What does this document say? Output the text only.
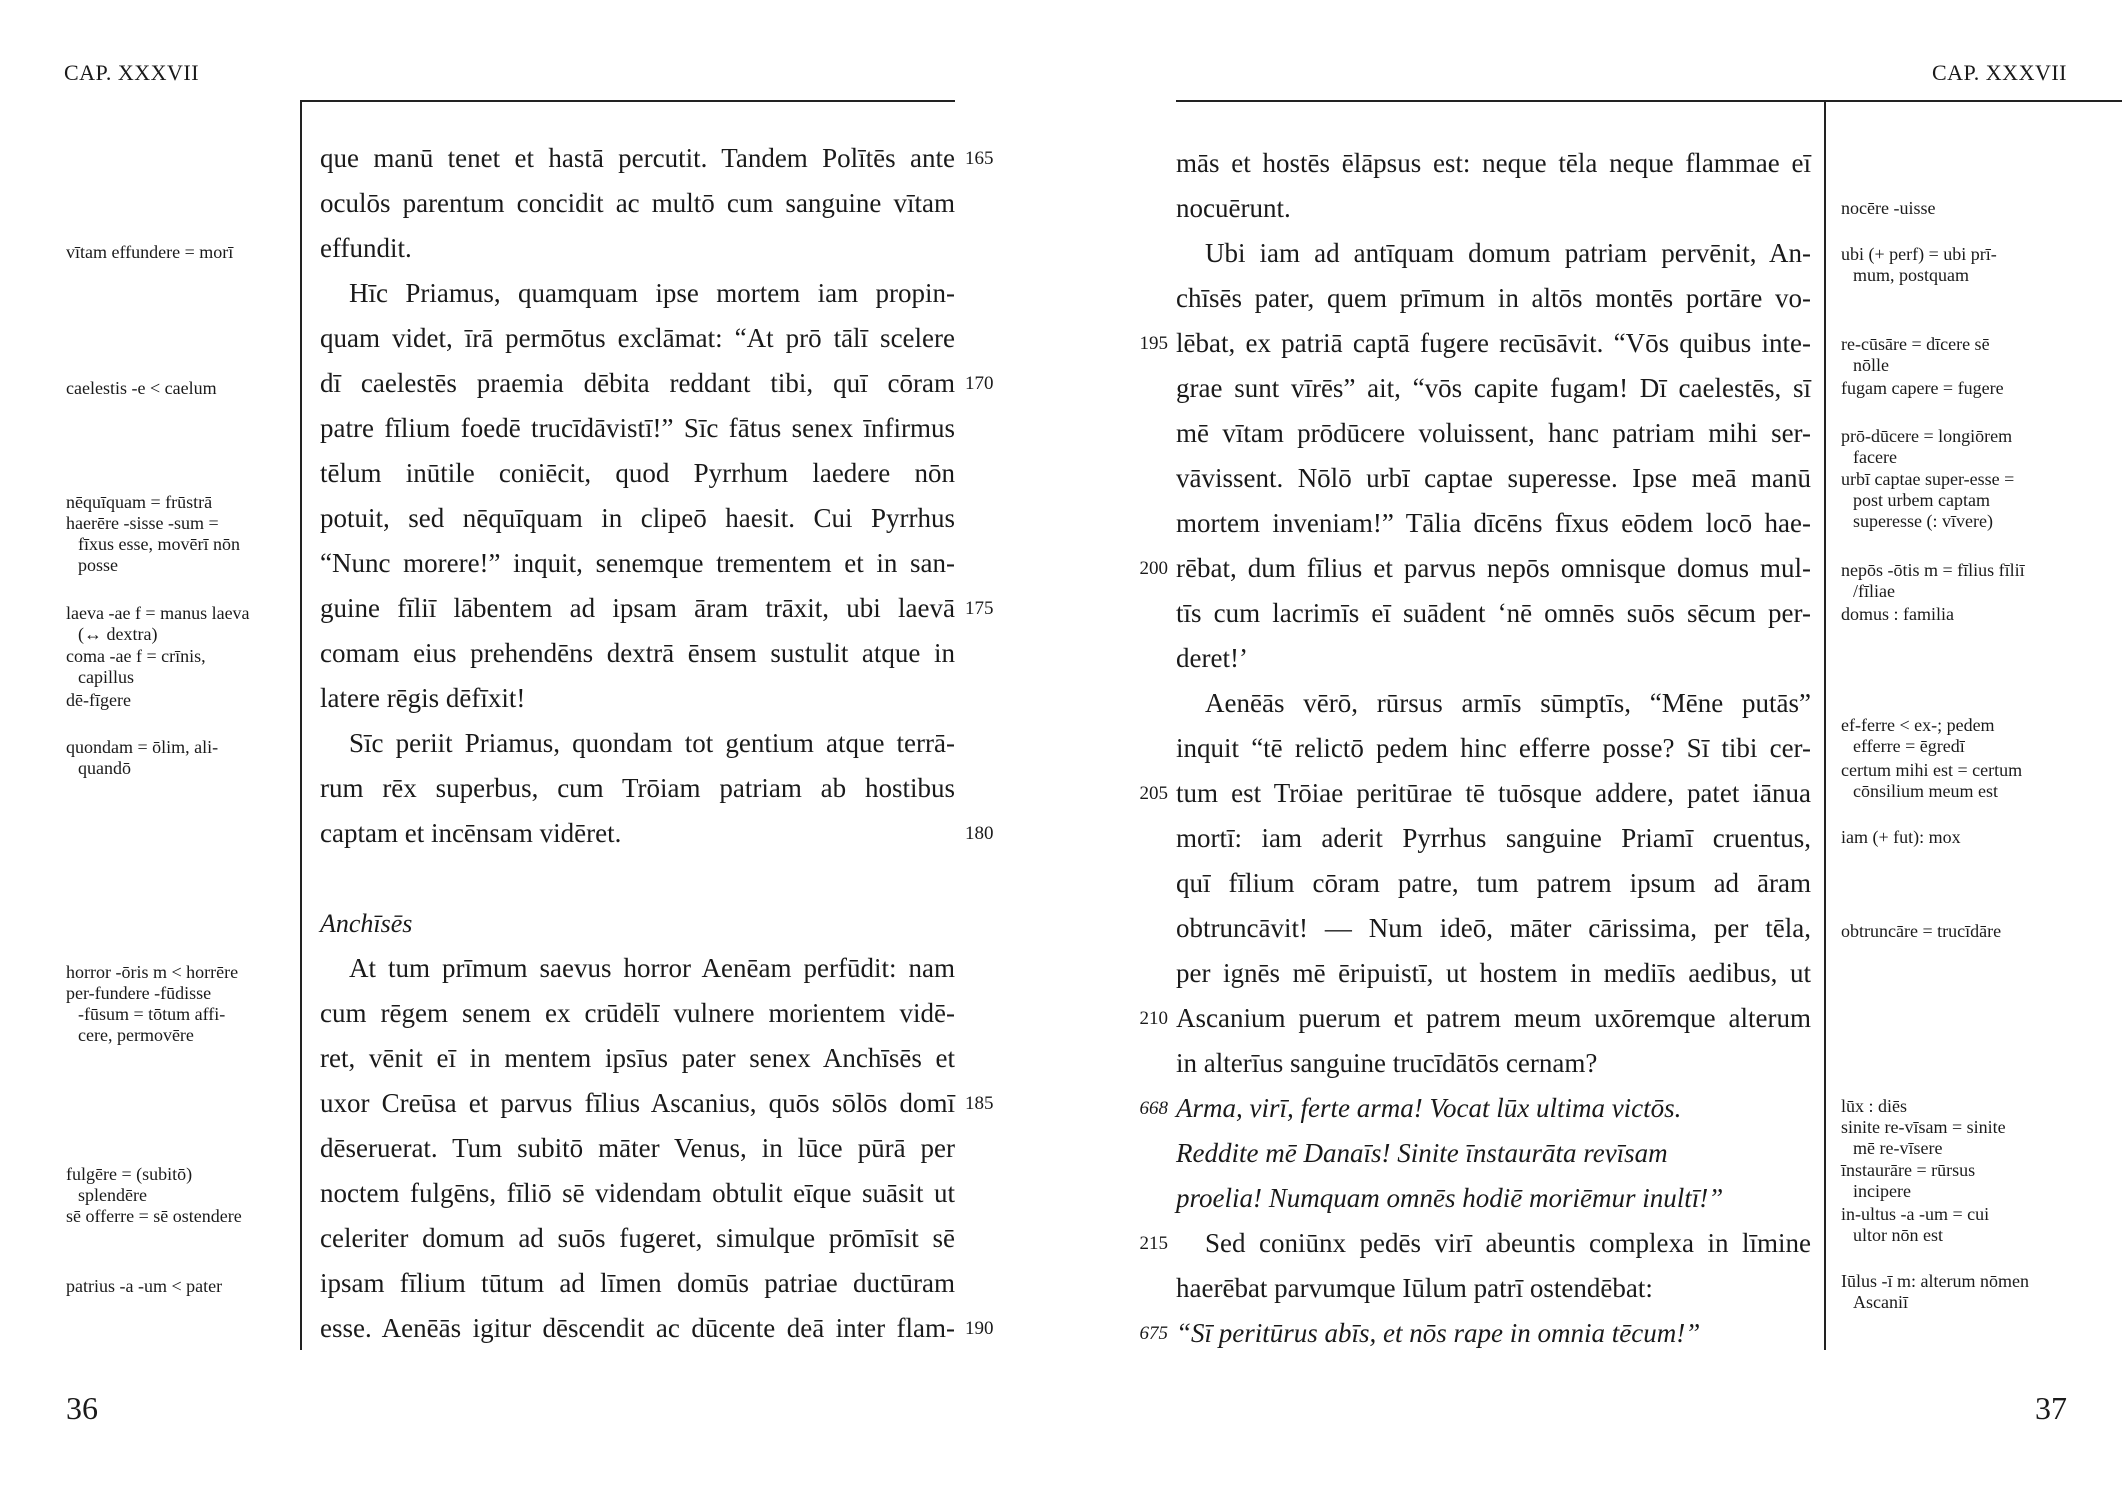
CAP. XXXVII
vītam effundere = morī
caelestis -e < caelum
nēquīquam = frūstrā
haerēre -sisse -sum =
fīxus esse, movērī nōn
posse
laeva -ae f = manus laeva
(↔ dextra)
coma -ae f = crīnis,
capillus
dē-fīgere
quondam = ōlim, ali-
quandō
horror -ōris m < horrēre
per-fundere -fūdisse
-fūsum = tōtum affi-
cere, permovēre
fulgēre = (subitō)
splendēre
sē offerre = sē ostendere
patrius -a -um < pater
que manū tenet et hastā percutit. Tandem Polītēs ante
oculōs parentum concidit ac multō cum sanguine vītam
effundit.
Hīc Priamus, quamquam ipse mortem iam propin-
quam videt, īrā permōtus exclāmat: “At prō tālī scelere
dī caelestēs praemia dēbita reddant tibi, quī cōram
patre fīlium foedē trucīdāvistī!” Sīc fātus senex īnfirmus
tēlum inūtile coniēcit, quod Pyrrhum laedere nōn
potuit, sed nēquīquam in clipeō haesit. Cui Pyrrhus
“Nunc morere!” inquit, senemque trementem et in san-
guine fīliī lābentem ad ipsam āram trāxit, ubi laevā
comam eius prehendēns dextrā ēnsem sustulit atque in
latere rēgis dēfīxit!
Sīc periit Priamus, quondam tot gentium atque terrā-
rum rēx superbus, cum Trōiam patriam ab hostibus
captam et incēnsam vidēret.
Anchīsēs
At tum prīmum saevus horror Aenēam perfūdit: nam
cum rēgem senem ex crūdēlī vulnere morientem vidē-
ret, vēnit eī in mentem ipsīus pater senex Anchīsēs et
uxor Creūsa et parvus fīlius Ascanius, quōs sōlōs domī
dēseruerat. Tum subitō māter Venus, in lūce pūrā per
noctem fulgēns, fīliō sē videndam obtulit eīque suāsit ut
celeriter domum ad suōs fugeret, simulque prōmīsit sē
ipsam fīlium tūtum ad līmen domūs patriae ductūram
esse. Aenēās igitur dēscendit ac dūcente deā inter flam-
165
170
175
180
185
190
36
CAP. XXXVII
mās et hostēs ēlāpsus est: neque tēla neque flammae eī
nocuērunt.
Ubi iam ad antīquam domum patriam pervēnit, An-
chīsēs pater, quem prīmum in altōs montēs portāre vo-
lēbat, ex patriā captā fugere recūsāvit. “Vōs quibus inte-
grae sunt vīrēs” ait, “vōs capite fugam! Dī caelestēs, sī
mē vītam prōdūcere voluissent, hanc patriam mihi ser-
vāvissent. Nōlō urbī captae superesse. Ipse meā manū
mortem inveniam!” Tālia dīcēns fīxus eōdem locō hae-
rēbat, dum fīlius et parvus nepōs omnisque domus mul-
tīs cum lacrimīs eī suādent ‘nē omnēs suōs sēcum per-
deret!’
Aenēās vērō, rūrsus armīs sūmptīs, “Mēne putās”
inquit “tē relictō pedem hinc efferre posse? Sī tibi cer-
tum est Trōiae peritūrae tē tuōsque addere, patet iānua
mortī: iam aderit Pyrrhus sanguine Priamī cruentus,
quī fīlium cōram patre, tum patrem ipsum ad āram
obtruncāvit! — Num ideō, māter cārissima, per tēla,
per ignēs mē ēripuistī, ut hostem in mediīs aedibus, ut
Ascanium puerum et patrem meum uxōremque alterum
in alterīus sanguine trucīdātōs cernam?
Arma, virī, ferte arma! Vocat lūx ultima victōs.
Reddite mē Danaīs! Sinite īnstaurāta revīsam
proelia! Numquam omnēs hodiē moriēmur inultī!”
Sed coniūnx pedēs virī abeuntis complexa in līmine
haerēbat parvumque Iūlum patrī ostendēbat:
“Sī peritūrus abīs, et nōs rape in omnia tēcum!”
195
200
205
210
668
215
675
nocēre -uisse
ubi (+ perf) = ubi prī-
mum, postquam
re-cūsāre = dīcere sē
nōlle
fugam capere = fugere
prō-dūcere = longiōrem
facere
urbī captae super-esse =
post urbem captam
superesse (: vīvere)
nepōs -ōtis m = fīlius fīliī
/fīliae
domus : familia
ef-ferre < ex-; pedem
efferre = ēgredī
certum mihi est = certum
cōnsilium meum est
iam (+ fut): mox
obtruncāre = trucīdāre
lūx : diēs
sinite re-vīsam = sinite
mē re-vīsere
īnstaurāre = rūrsus
incipere
in-ultus -a -um = cui
ultor nōn est
Iūlus -ī m: alterum nōmen
Ascaniī
37
